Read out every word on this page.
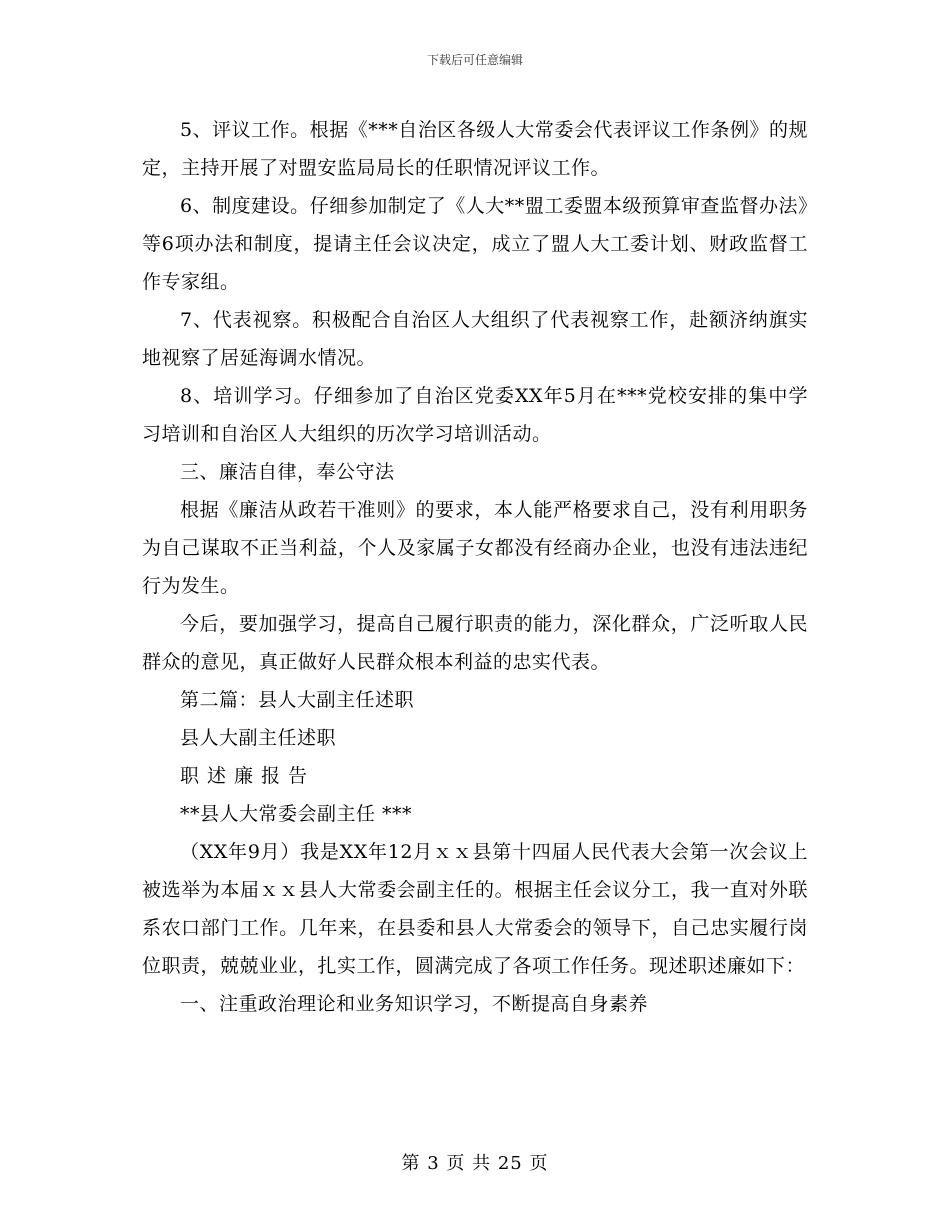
下载后可任意编辑

5、评议工作。根据《***自治区各级人大常委会代表评议工作条例》的规定，主持开展了对盟安监局局长的任职情况评议工作。

6、制度建设。仔细参加制定了《人大**盟工委盟本级预算审查监督办法》等6项办法和制度，提请主任会议决定，成立了盟人大工委计划、财政监督工作专家组。

7、代表视察。积极配合自治区人大组织了代表视察工作，赴额济纳旗实地视察了居延海调水情况。

8、培训学习。仔细参加了自治区党委XX年5月在***党校安排的集中学习培训和自治区人大组织的历次学习培训活动。

三、廉洁自律，奉公守法

根据《廉洁从政若干准则》的要求，本人能严格要求自己，没有利用职务为自己谋取不正当利益，个人及家属子女都没有经商办企业，也没有违法违纪行为发生。

今后，要加强学习，提高自己履行职责的能力，深化群众，广泛听取人民群众的意见，真正做好人民群众根本利益的忠实代表。

第二篇：县人大副主任述职

县人大副主任述职

职述廉报告

**县人大常委会副主任 ***

（XX年9月）我是XX年12月ｘｘ县第十四届人民代表大会第一次会议上被选举为本届ｘｘ县人大常委会副主任的。根据主任会议分工，我一直对外联系农口部门工作。几年来，在县委和县人大常委会的领导下，自己忠实履行岗位职责，兢兢业业，扎实工作，圆满完成了各项工作任务。现述职述廉如下：

一、注重政治理论和业务知识学习，不断提高自身素养

第 3 页 共 25 页
